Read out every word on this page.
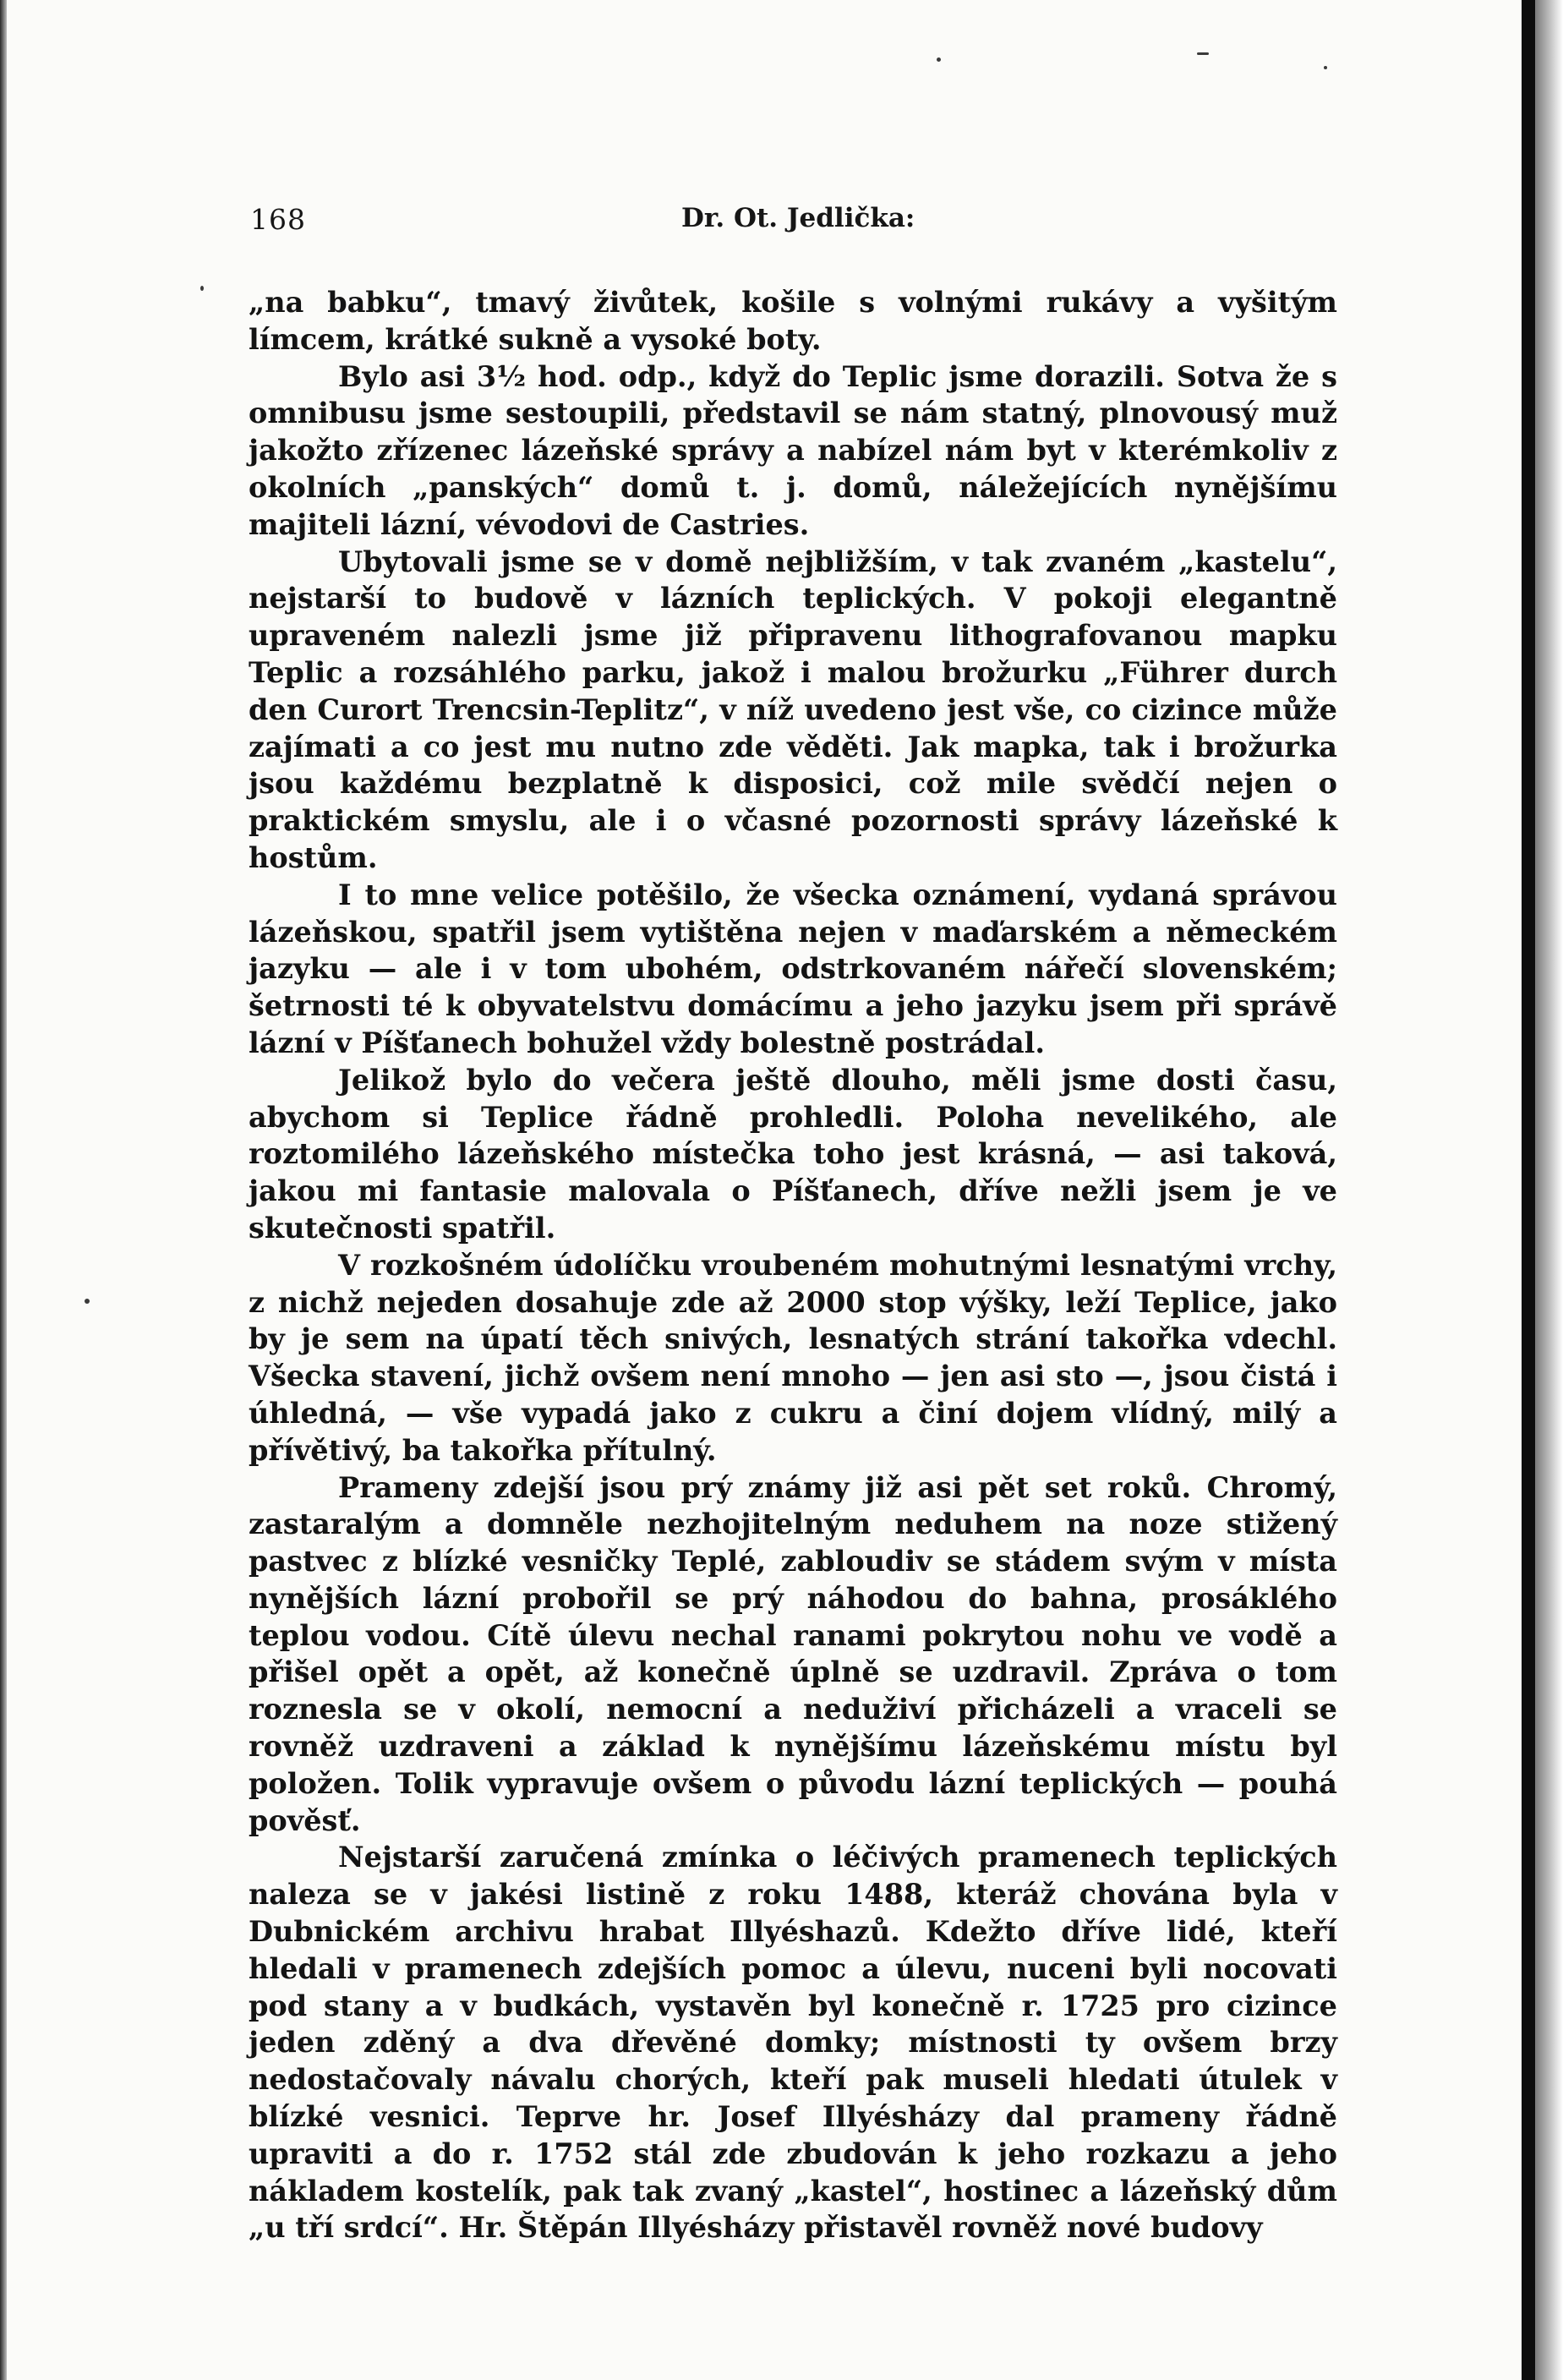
168	Dr. Ot. Jedlička:

„na babku“, tmavý živůtek, košile s volnými rukávy a vyšitým límcem, krátké sukně a vysoké boty.

Bylo asi 3½ hod. odp., když do Teplic jsme dorazili. Sotva že s omnibusu jsme sestoupili, představil se nám statný, plnovousý muž jakožto zřízenec lázeňské správy a nabízel nám byt v kterémkoliv z okolních „panských“ domů t. j. domů, náležejících nynějšímu majiteli lázní, vévodovi de Castries.

Ubytovali jsme se v domě nejbližším, v tak zvaném „kastelu“, nejstarší to budově v lázních teplických. V pokoji elegantně upraveném nalezli jsme již připravenu lithografovanou mapku Teplic a rozsáhlého parku, jakož i malou brožurku „Führer durch den Curort Trencsin-Teplitz“, v níž uvedeno jest vše, co cizince může zajímati a co jest mu nutno zde věděti. Jak mapka, tak i brožurka jsou každému bezplatně k disposici, což mile svědčí nejen o praktickém smyslu, ale i o včasné pozornosti správy lázeňské k hostům.

I to mne velice potěšilo, že všecka oznámení, vydaná správou lázeňskou, spatřil jsem vytištěna nejen v maďarském a německém jazyku — ale i v tom ubohém, odstrkovaném nářečí slovenském; šetrnosti té k obyvatelstvu domácímu a jeho jazyku jsem při správě lázní v Píšťanech bohužel vždy bolestně postrádal.

Jelikož bylo do večera ještě dlouho, měli jsme dosti času, abychom si Teplice řádně prohledli. Poloha nevelikého, ale roztomilého lázeňského místečka toho jest krásná, — asi taková, jakou mi fantasie malovala o Píšťanech, dříve nežli jsem je ve skutečnosti spatřil.

V rozkošném údolíčku vroubeném mohutnými lesnatými vrchy, z nichž nejeden dosahuje zde až 2000 stop výšky, leží Teplice, jako by je sem na úpatí těch snivých, lesnatých strání takořka vdechl. Všecka stavení, jichž ovšem není mnoho — jen asi sto —, jsou čistá i úhledná, — vše vypadá jako z cukru a činí dojem vlídný, milý a přívětivý, ba takořka přítulný.

Prameny zdejší jsou prý známy již asi pět set roků. Chromý, zastaralým a domněle nezhojitelným neduhem na noze stižený pastvec z blízké vesničky Teplé, zabloudiv se stádem svým v místa nynějších lázní probořil se prý náhodou do bahna, prosáklého teplou vodou. Cítě úlevu nechal ranami pokrytou nohu ve vodě a přišel opět a opět, až konečně úplně se uzdravil. Zpráva o tom roznesla se v okolí, nemocní a neduživí přicházeli a vraceli se rovněž uzdraveni a základ k nynějšímu lázeňskému místu byl položen. Tolik vypravuje ovšem o původu lázní teplických — pouhá pověsť.

Nejstarší zaručená zmínka o léčivých pramenech teplických naleza se v jakési listině z roku 1488, kteráž chována byla v Dubnickém archivu hrabat Illyéshazů. Kdežto dříve lidé, kteří hledali v pramenech zdejších pomoc a úlevu, nuceni byli nocovati pod stany a v budkách, vystavěn byl konečně r. 1725 pro cizince jeden zděný a dva dřevěné domky; místnosti ty ovšem brzy nedostačovaly návalu chorých, kteří pak museli hledati útulek v blízké vesnici. Teprve hr. Josef Illyésházy dal prameny řádně upraviti a do r. 1752 stál zde zbudován k jeho rozkazu a jeho nákladem kostelík, pak tak zvaný „kastel“, hostinec a lázeňský dům „u tří srdcí“. Hr. Štěpán Illyésházy přistavěl rovněž nové budovy
